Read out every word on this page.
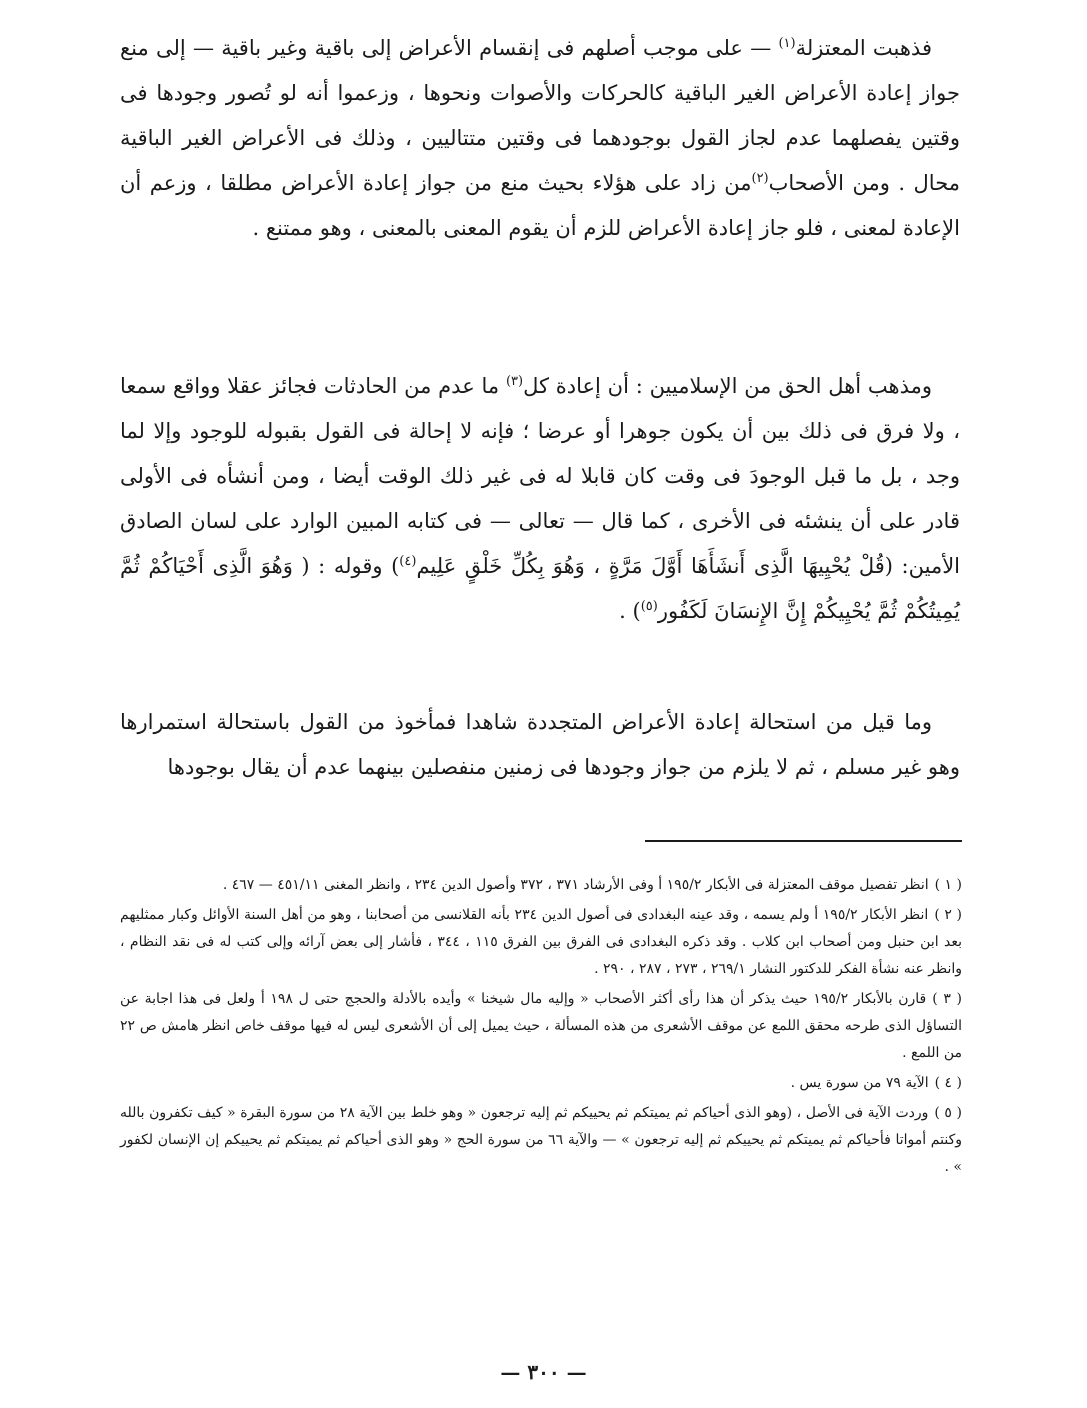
فذهبت المعتزلة$^{(١)}$ — على موجب أصلهم فى إنقسام الأعراض إلى باقية وغير باقية — إلى منع جواز إعادة الأعراض الغير الباقية كالحركات والأصوات ونحوها ، وزعموا أنه لو تُصور وجودها فى وقتين يفصلهما عدم لجاز القول بوجودهما فى وقتين متتاليين ، وذلك فى الأعراض الغير الباقية محال . ومن الأصحاب$^{(٢)}$من زاد على هؤلاء بحيث منع من جواز إعادة الأعراض مطلقا ، وزعم أن الإعادة لمعنى ، فلو جاز إعادة الأعراض للزم أن يقوم المعنى بالمعنى ، وهو ممتنع .

ومذهب أهل الحق من الإسلاميين : أن إعادة كل$^{(٣)}$ ما عدم من الحادثات فجائز عقلا وواقع سمعا ، ولا فرق فى ذلك بين أن يكون جوهرا أو عرضا ؛ فإنه لا إحالة فى القول بقبوله للوجود وإلا لما وجد ، بل ما قبل الوجودَ فى وقت كان قابلا له فى غير ذلك الوقت أيضا ، ومن أنشأه فى الأولى قادر على أن ينشئه فى الأخرى ، كما قال — تعالى — فى كتابه المبين الوارد على لسان الصادق الأمين: (قُلْ يُحْيِيهَا الَّذِى أَنشَأَهَا أَوَّلَ مَرَّةٍ ، وَهُوَ بِكُلِّ خَلْقٍ عَلِيم$^{(٤)}$) وقوله : ( وَهُوَ الَّذِى أَحْيَاكُمْ ثُمَّ يُمِيتُكُمْ ثُمَّ يُحْيِيكُمْ إِنَّ الإِنسَانَ لَكَفُور$^{(٥)}$) .

وما قيل من استحالة إعادة الأعراض المتجددة شاهدا فمأخوذ من القول باستحالة استمرارها وهو غير مسلم ، ثم لا يلزم من جواز وجودها فى زمنين منفصلين بينهما عدم أن يقال بوجودها

( ١ )انظر تفصيل موقف المعتزلة فى الأبكار ١٩٥/٢ أ وفى الأرشاد ٣٧١ ، ٣٧٢ وأصول الدين ٢٣٤ ، وانظر المغنى ٤٥١/١١ — ٤٦٧ .

( ٢ )انظر الأبكار ١٩٥/٢ أ ولم يسمه ، وقد عينه البغدادى فى أصول الدين ٢٣٤ بأنه القلانسى من أصحابنا ، وهو من أهل السنة الأوائل وكبار ممثليهم بعد ابن حنبل ومن أصحاب ابن كلاب . وقد ذكره البغدادى فى الفرق بين الفرق ١١٥ ، ٣٤٤ ، فأشار إلى بعض آرائه وإلى كتب له فى نقد النظام ، وانظر عنه نشأة الفكر للدكتور النشار ٢٦٩/١ ، ٢٧٣ ، ٢٨٧ ، ٢٩٠ .

( ٣ )قارن بالأبكار ١٩٥/٢ حيث يذكر أن هذا رأى أكثر الأصحاب « وإليه مال شيخنا » وأيده بالأدلة والحجج حتى ل ١٩٨ أ ولعل فى هذا اجابة عن التساؤل الذى طرحه محقق اللمع عن موقف الأشعرى من هذه المسألة ، حيث يميل إلى أن الأشعرى ليس له فيها موقف خاص انظر هامش ص ٢٢ من اللمع .

( ٤ )الآية ٧٩ من سورة يس .

( ٥ )وردت الآية فى الأصل ، (وهو الذى أحياكم ثم يميتكم ثم يحييكم ثم إليه ترجعون « وهو خلط بين الآية ٢٨ من سورة البقرة « كيف تكفرون بالله وكنتم أمواتا فأحياكم ثم يميتكم ثم يحييكم ثم إليه ترجعون » — والآية ٦٦ من سورة الحج « وهو الذى أحياكم ثم يميتكم ثم يحييكم إن الإنسان لكفور » .

— ٣٠٠ —
